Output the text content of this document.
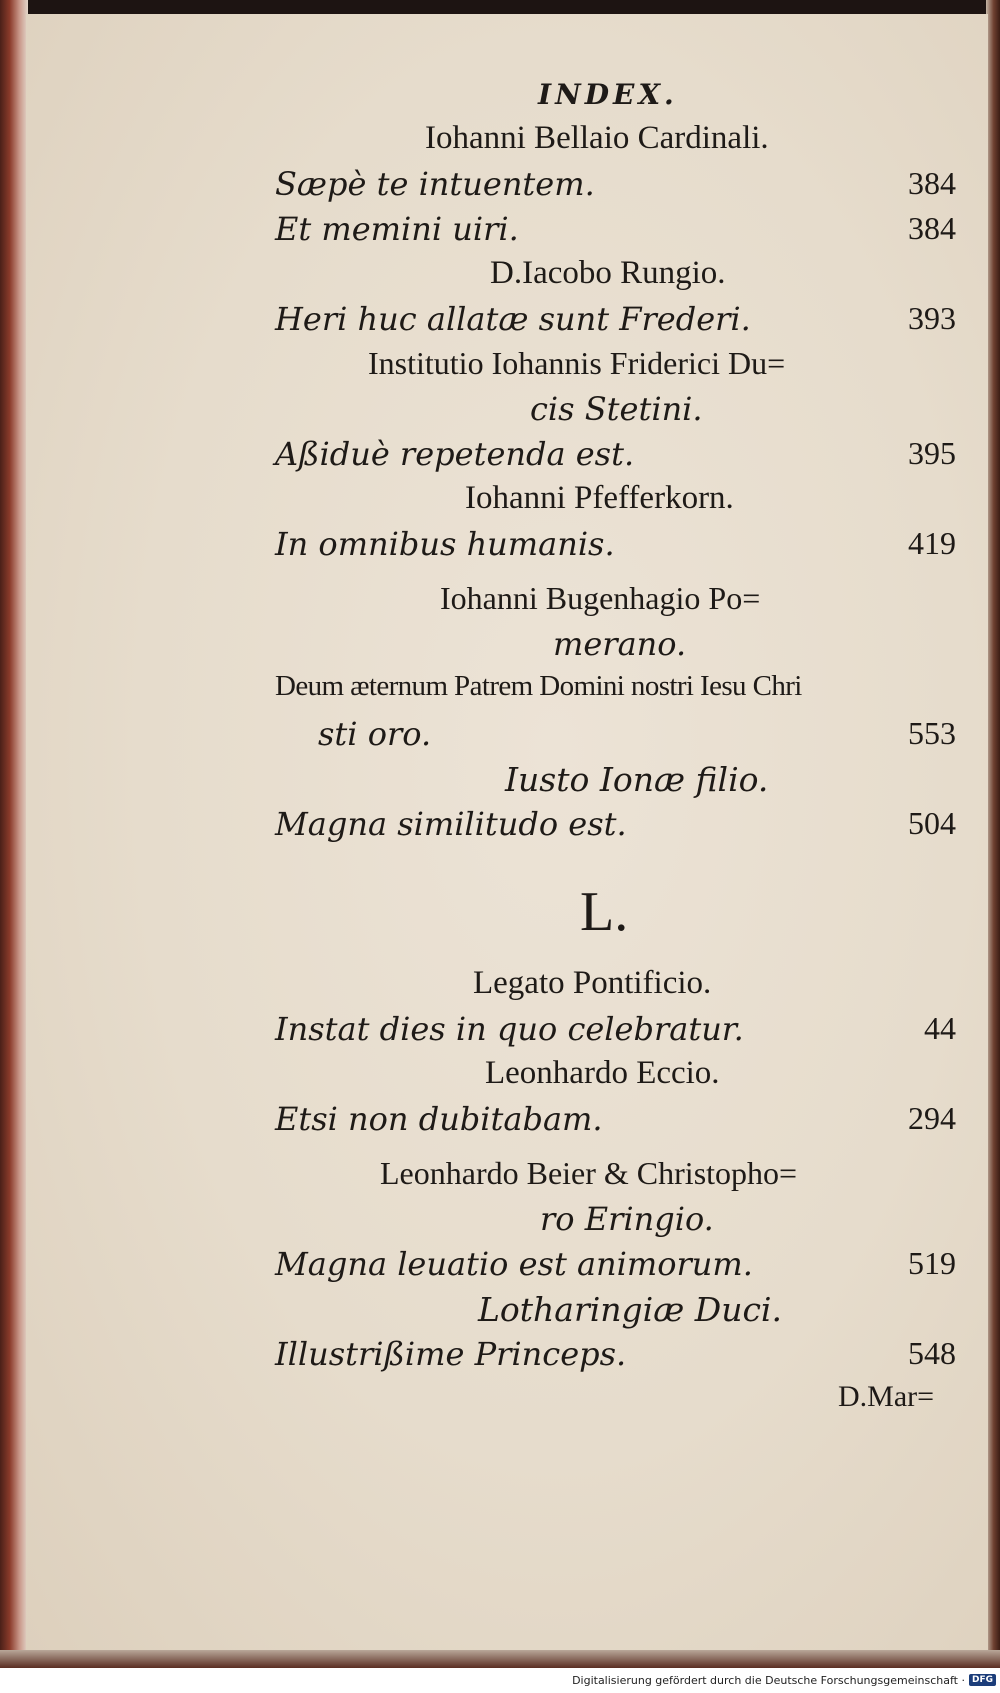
INDEX.
Iohanni Bellaio Cardinali.
Sæpè te intuentem.	384
Et memini uiri.	384
D.Iacobo Rungio.
Heri huc allatæ sunt Frederi.	393
Institutio Iohannis Friderici Du=
cis Stetini.
Aßiduè repetenda est.	395
Iohanni Pfefferkorn.
In omnibus humanis.	419
Iohanni Bugenhagio Po=
merano.
Deum æternum Patrem Domini nostri Iesu Chri
sti oro.	553
Iusto Ionæ filio.
Magna similitudo est.	504
L.
Legato Pontificio.
Instat dies in quo celebratur.	44
Leonhardo Eccio.
Etsi non dubitabam.	294
Leonhardo Beier & Christopho=
ro Eringio.
Magna leuatio est animorum.	519
Lotharingiæ Duci.
Illustrißime Princeps.	548
D.Mar=
Digitalisierung gefördert durch die Deutsche Forschungsgemeinschaft · DFG
